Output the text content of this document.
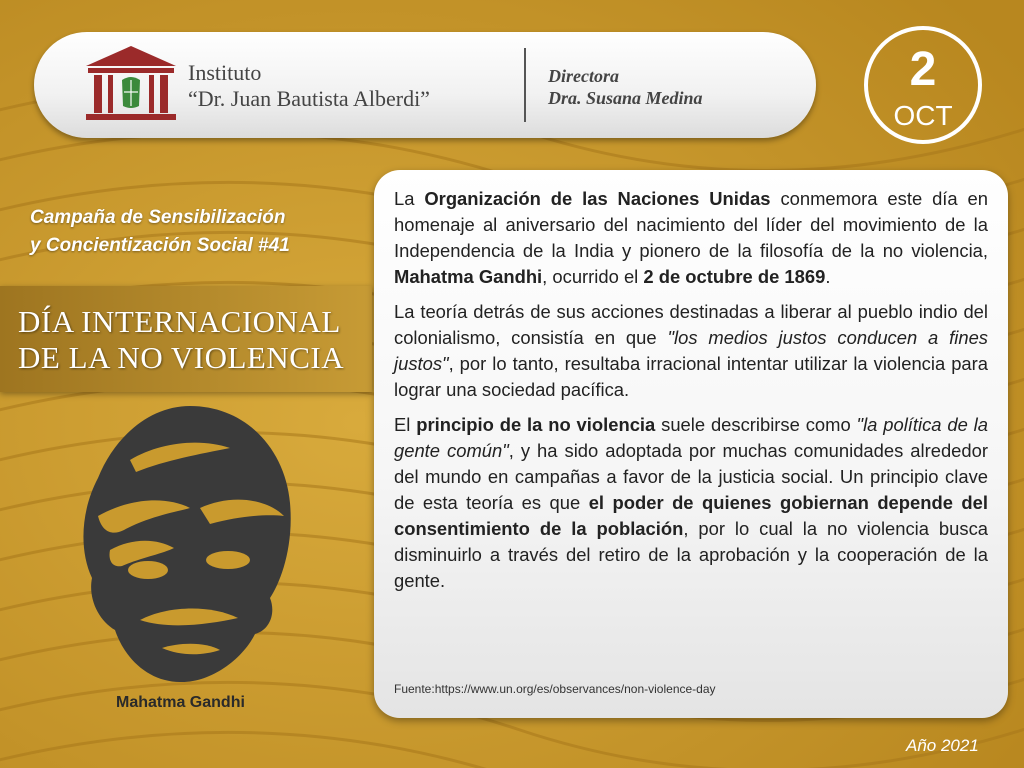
Instituto
“Dr. Juan Bautista Alberdi”
Directora
Dra. Susana Medina
2
OCT
Campaña de Sensibilización
y Concientización Social #41
DÍA INTERNACIONAL
DE LA NO VIOLENCIA
Mahatma Gandhi

La Organización de las Naciones Unidas conmemora este día en homenaje al aniversario del nacimiento del líder del movimiento de la Independencia de la India y pionero de la filosofía de la no violencia, Mahatma Gandhi, ocurrido el 2 de octubre de 1869.

La teoría detrás de sus acciones destinadas a liberar al pueblo indio del colonialismo, consistía en que "los medios justos conducen a fines justos", por lo tanto, resultaba irracional intentar utilizar la violencia para lograr una sociedad pacífica.

El principio de la no violencia suele describirse como "la política de la gente común", y ha sido adoptada por muchas comunidades alrededor del mundo en campañas a favor de la justicia social. Un principio clave de esta teoría es que el poder de quienes gobiernan depende del consentimiento de la población, por lo cual la no violencia busca disminuirlo a través del retiro de la aprobación y la cooperación de la gente.

Fuente:https://www.un.org/es/observances/non-violence-day
Año 2021
